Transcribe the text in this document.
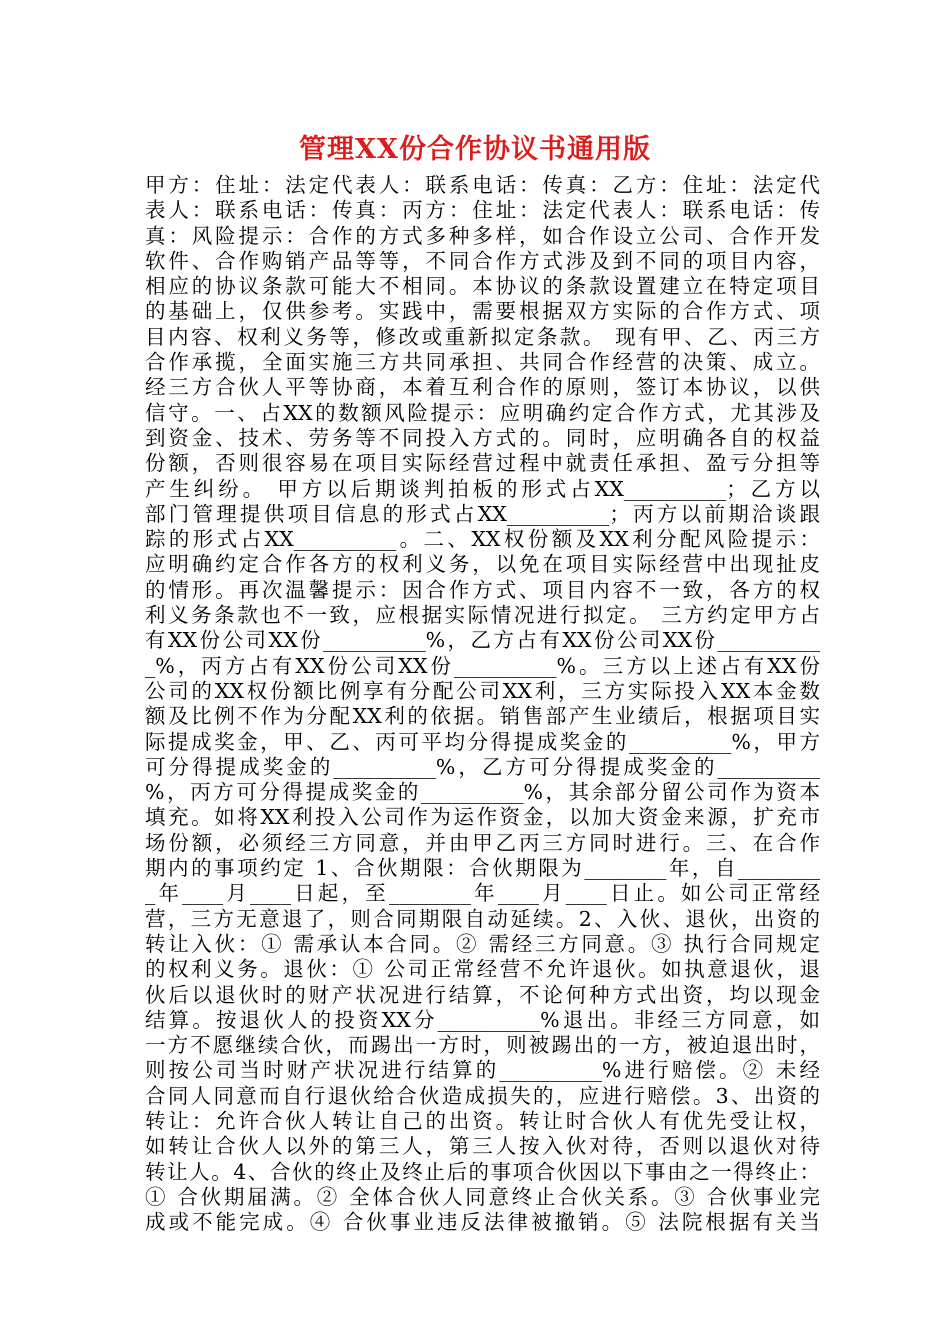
管理XX份合作协议书通用版
甲方：住址：法定代表人：联系电话：传真：乙方：住址：法定代
表人：联系电话：传真：丙方：住址：法定代表人：联系电话：传
真：风险提示：合作的方式多种多样，如合作设立公司、合作开发
软件、合作购销产品等等，不同合作方式涉及到不同的项目内容，
相应的协议条款可能大不相同。本协议的条款设置建立在特定项目
的基础上，仅供参考。实践中，需要根据双方实际的合作方式、项
目内容、权利义务等，修改或重新拟定条款。 现有甲、乙、丙三方
合作承揽，全面实施三方共同承担、共同合作经营的决策、成立。
经三方合伙人平等协商，本着互利合作的原则，签订本协议，以供
信守。一、占XX的数额风险提示：应明确约定合作方式，尤其涉及
到资金、技术、劳务等不同投入方式的。同时，应明确各自的权益
份额，否则很容易在项目实际经营过程中就责任承担、盈亏分担等
产生纠纷。 甲方以后期谈判拍板的形式占XX__________；乙方以
部门管理提供项目信息的形式占XX__________；丙方以前期洽谈跟
踪的形式占XX__________。二、XX权份额及XX利分配风险提示：
应明确约定合作各方的权利义务，以免在项目实际经营中出现扯皮
的情形。再次温馨提示：因合作方式、项目内容不一致，各方的权
利义务条款也不一致，应根据实际情况进行拟定。 三方约定甲方占
有XX份公司XX份__________%，乙方占有XX份公司XX份__________
_%，丙方占有XX份公司XX份__________%。三方以上述占有XX份
公司的XX权份额比例享有分配公司XX利，三方实际投入XX本金数
额及比例不作为分配XX利的依据。销售部产生业绩后，根据项目实
际提成奖金，甲、乙、丙可平均分得提成奖金的__________%，甲方
可分得提成奖金的__________%，乙方可分得提成奖金的__________
%，丙方可分得提成奖金的__________%，其余部分留公司作为资本
填充。如将XX利投入公司作为运作资金，以加大资金来源，扩充市
场份额，必须经三方同意，并由甲乙丙三方同时进行。三、在合作
期内的事项约定 1、合伙期限：合伙期限为________年，自________
_年____月____日起，至________年____月____日止。如公司正常经
营，三方无意退了，则合同期限自动延续。2、入伙、退伙，出资的
转让入伙：① 需承认本合同。② 需经三方同意。③ 执行合同规定
的权利义务。退伙：① 公司正常经营不允许退伙。如执意退伙，退
伙后以退伙时的财产状况进行结算，不论何种方式出资，均以现金
结算。按退伙人的投资XX分__________%退出。非经三方同意，如
一方不愿继续合伙，而踢出一方时，则被踢出的一方，被迫退出时，
则按公司当时财产状况进行结算的__________%进行赔偿。② 未经
合同人同意而自行退伙给合伙造成损失的，应进行赔偿。3、出资的
转让：允许合伙人转让自己的出资。转让时合伙人有优先受让权，
如转让合伙人以外的第三人，第三人按入伙对待，否则以退伙对待
转让人。4、合伙的终止及终止后的事项合伙因以下事由之一得终止：
① 合伙期届满。② 全体合伙人同意终止合伙关系。③ 合伙事业完
成或不能完成。④ 合伙事业违反法律被撤销。⑤ 法院根据有关当
